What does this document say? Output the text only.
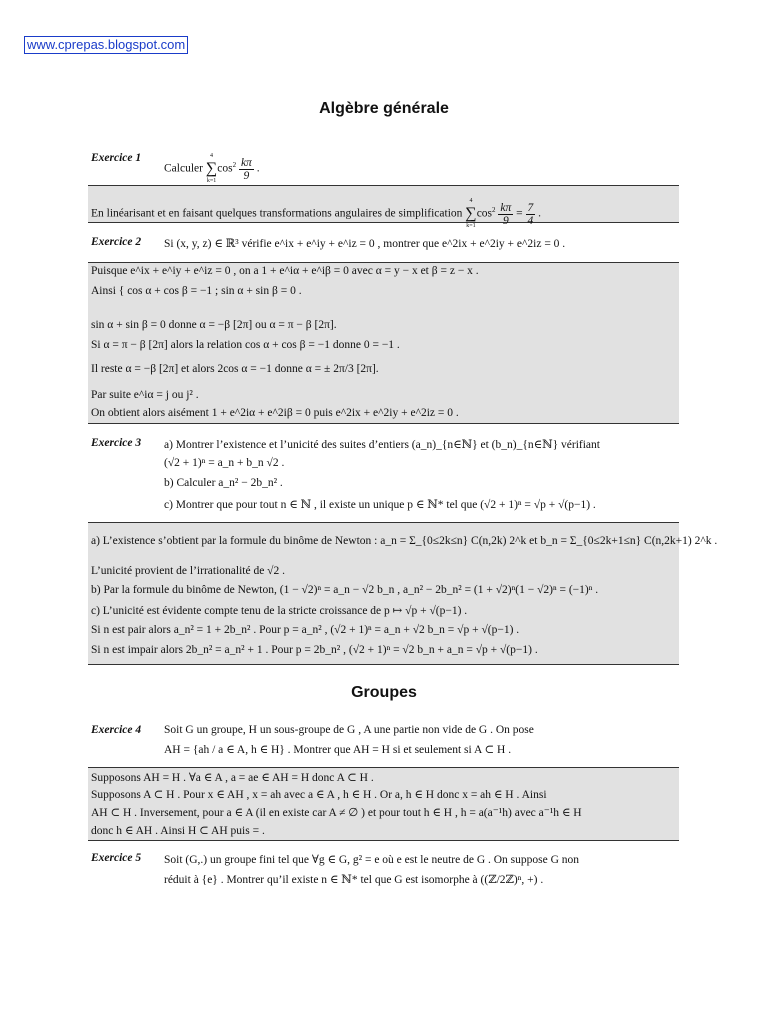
www.cprepas.blogspot.com
Algèbre générale
Exercice 1
Calculer
4
∑
k=1
$\cos^2 \frac{k\pi}{9}$ .
En linéarisant et en faisant quelques transformations angulaires de simplification
4
∑
k=1
$\cos^2 \frac{k\pi}{9} = \frac{7}{4}$ .
Exercice 2 Si (x, y, z) ∈ ℝ³ vérifie e^ix + e^iy + e^iz = 0 , montrer que e^2ix + e^2iy + e^2iz = 0 .
Puisque e^ix + e^iy + e^iz = 0 , on a 1 + e^iα + e^iβ = 0 avec α = y − x et β = z − x .
Ainsi { cos α + cos β = −1 ; sin α + sin β = 0 .
sin α + sin β = 0 donne α = −β [2π] ou α = π − β [2π].
Si α = π − β [2π] alors la relation cos α + cos β = −1 donne 0 = −1 .
Il reste α = −β [2π] et alors 2cos α = −1 donne α = ± 2π/3 [2π].
Par suite e^iα = j ou j² .
On obtient alors aisément 1 + e^2iα + e^2iβ = 0 puis e^2ix + e^2iy + e^2iz = 0 .
Exercice 3 a) Montrer l’existence et l’unicité des suites d’entiers (a_n)_{n∈ℕ} et (b_n)_{n∈ℕ} vérifiant
(√2 + 1)ⁿ = a_n + b_n √2 .
b) Calculer a_n² − 2b_n² .
c) Montrer que pour tout n ∈ ℕ , il existe un unique p ∈ ℕ* tel que (√2 + 1)ⁿ = √p + √(p−1) .
a) L’existence s’obtient par la formule du binôme de Newton : a_n = Σ_{0≤2k≤n} C(n,2k) 2^k et b_n = Σ_{0≤2k+1≤n} C(n,2k+1) 2^k .
L’unicité provient de l’irrationalité de √2 .
b) Par la formule du binôme de Newton, (1 − √2)ⁿ = a_n − √2 b_n , a_n² − 2b_n² = (1 + √2)ⁿ(1 − √2)ⁿ = (−1)ⁿ .
c) L’unicité est évidente compte tenu de la stricte croissance de p ↦ √p + √(p−1) .
Si n est pair alors a_n² = 1 + 2b_n² . Pour p = a_n² , (√2 + 1)ⁿ = a_n + √2 b_n = √p + √(p−1) .
Si n est impair alors 2b_n² = a_n² + 1 . Pour p = 2b_n² , (√2 + 1)ⁿ = √2 b_n + a_n = √p + √(p−1) .
Groupes
Exercice 4 Soit G un groupe, H un sous-groupe de G , A une partie non vide de G . On pose
AH = {ah / a ∈ A, h ∈ H} . Montrer que AH = H si et seulement si A ⊂ H .
Supposons AH = H . ∀a ∈ A , a = ae ∈ AH = H donc A ⊂ H .
Supposons A ⊂ H . Pour x ∈ AH , x = ah avec a ∈ A , h ∈ H . Or a, h ∈ H donc x = ah ∈ H . Ainsi
AH ⊂ H . Inversement, pour a ∈ A (il en existe car A ≠ ∅ ) et pour tout h ∈ H , h = a(a⁻¹h) avec a⁻¹h ∈ H
donc h ∈ AH . Ainsi H ⊂ AH puis = .
Exercice 5 Soit (G,.) un groupe fini tel que ∀g ∈ G, g² = e où e est le neutre de G . On suppose G non
réduit à {e} . Montrer qu’il existe n ∈ ℕ* tel que G est isomorphe à ((ℤ/2ℤ)ⁿ, +) .
